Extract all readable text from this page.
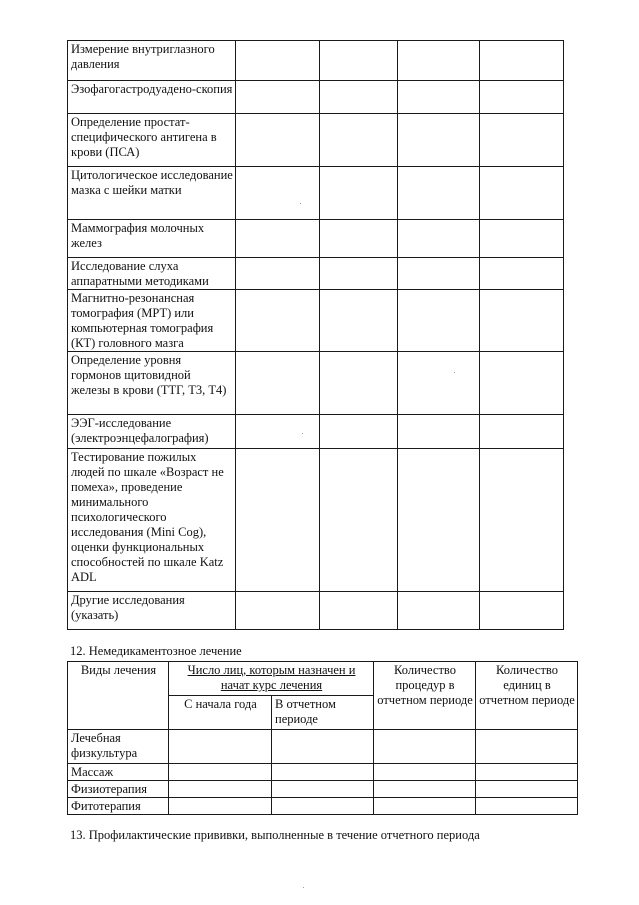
Измерение внутриглазного давления				
Эзофагогастродуадено-скопия				
Определение простат-специфического антигена в крови (ПСА)				
Цитологическое исследование мазка с шейки матки				
Маммография молочных желез				
Исследование слуха аппаратными методиками				
Магнитно-резонансная томография (МРТ) или компьютерная томография (КТ) головного мазга				
Определение уровня гормонов щитовидной железы в крови (ТТГ, Т3, Т4)				
ЭЭГ-исследование (электроэнцефалография)				
Тестирование пожилых людей по шкале «Возраст не помеха», проведение минимального психологического исследования (Mini Cog), оценки функциональных способностей по шкале Katz ADL				
Другие исследования (указать)				
12. Немедикаментозное лечение
Виды лечения	Число лиц, которым назначен и начат курс лечения		Количество процедур в отчетном периоде	Количество единиц в отчетном периоде
	С начала года	В отчетном периоде		
Лечебная физкультура				
Массаж				
Физиотерапия				
Фитотерапия				
13. Профилактические прививки, выполненные в течение отчетного периода
